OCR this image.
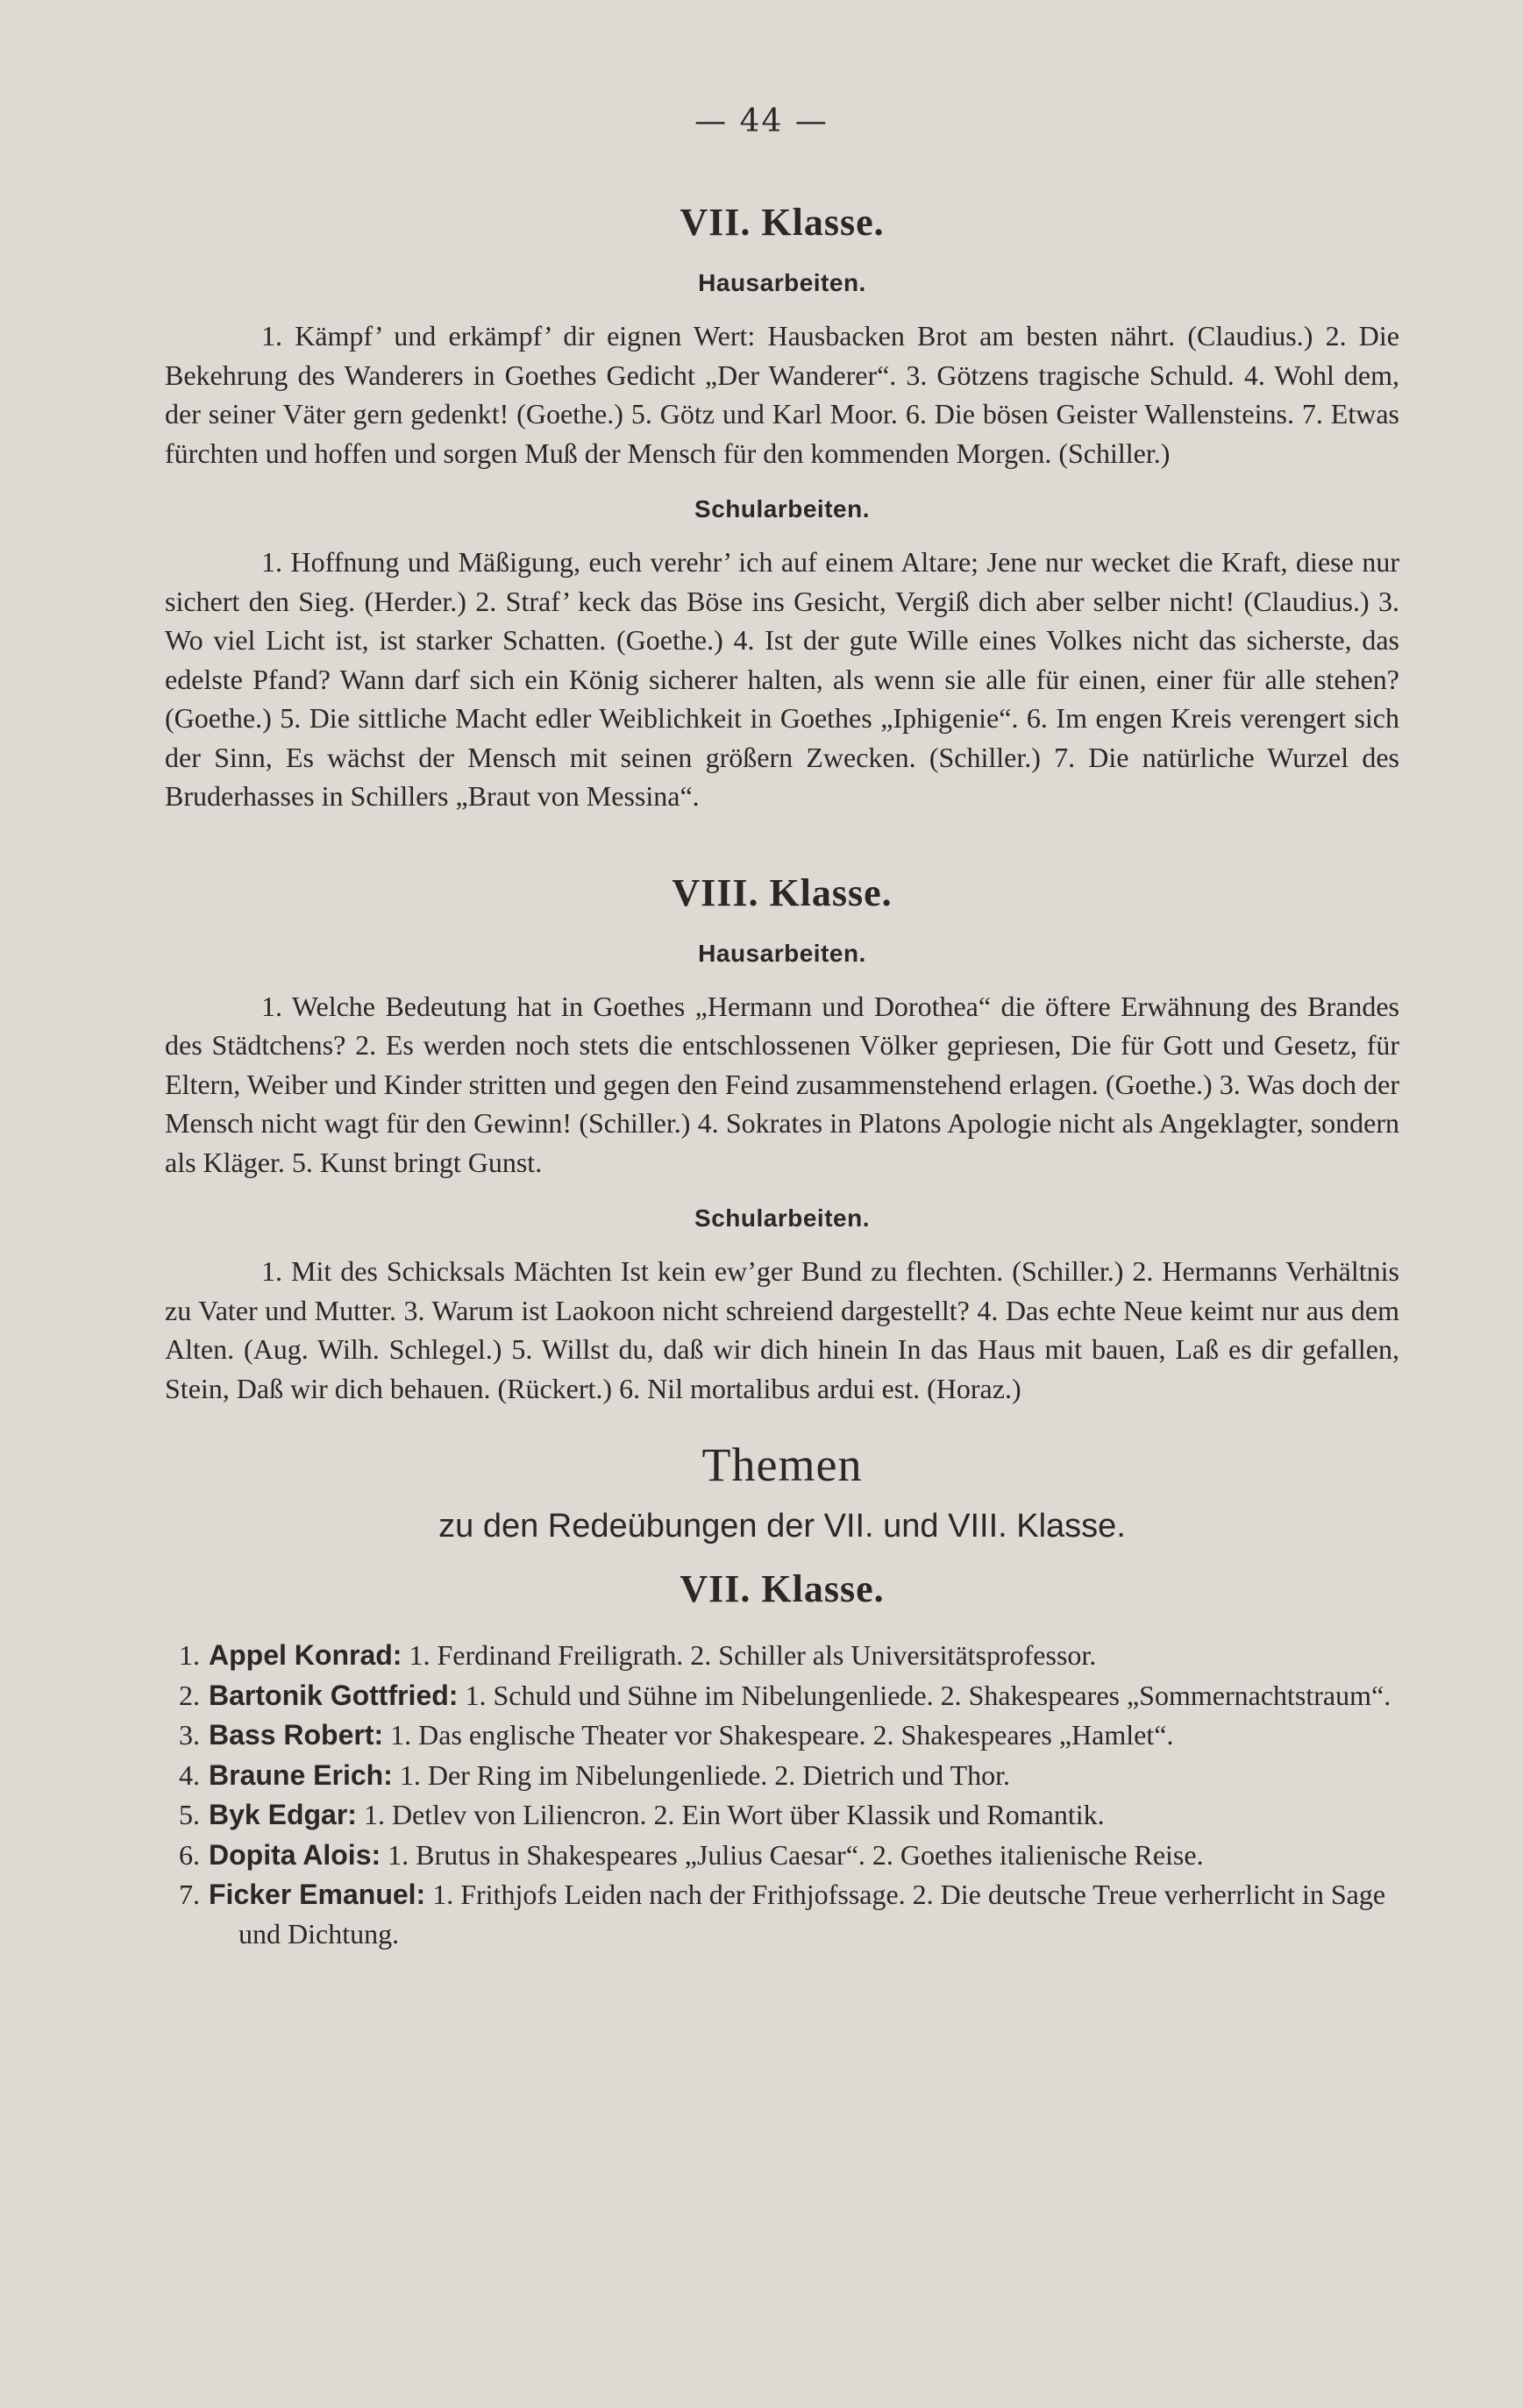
— 44 —
VII. Klasse.
Hausarbeiten.

1. Kämpf’ und erkämpf’ dir eignen Wert: Hausbacken Brot am besten nährt. (Claudius.) 2. Die Bekehrung des Wanderers in Goethes Gedicht „Der Wanderer“. 3. Götzens tragische Schuld. 4. Wohl dem, der seiner Väter gern gedenkt! (Goethe.) 5. Götz und Karl Moor. 6. Die bösen Geister Wallensteins. 7. Etwas fürchten und hoffen und sorgen Muß der Mensch für den kommenden Morgen. (Schiller.)

Schularbeiten.

1. Hoffnung und Mäßigung, euch verehr’ ich auf einem Altare; Jene nur wecket die Kraft, diese nur sichert den Sieg. (Herder.) 2. Straf’ keck das Böse ins Gesicht, Vergiß dich aber selber nicht! (Claudius.) 3. Wo viel Licht ist, ist starker Schatten. (Goethe.) 4. Ist der gute Wille eines Volkes nicht das sicherste, das edelste Pfand? Wann darf sich ein König sicherer halten, als wenn sie alle für einen, einer für alle stehen? (Goethe.) 5. Die sittliche Macht edler Weiblichkeit in Goethes „Iphigenie“. 6. Im engen Kreis verengert sich der Sinn, Es wächst der Mensch mit seinen größern Zwecken. (Schiller.) 7. Die natürliche Wurzel des Bruderhasses in Schillers „Braut von Messina“.

VIII. Klasse.
Hausarbeiten.

1. Welche Bedeutung hat in Goethes „Hermann und Dorothea“ die öftere Erwähnung des Brandes des Städtchens? 2. Es werden noch stets die entschlossenen Völker gepriesen, Die für Gott und Gesetz, für Eltern, Weiber und Kinder stritten und gegen den Feind zusammenstehend erlagen. (Goethe.) 3. Was doch der Mensch nicht wagt für den Gewinn! (Schiller.) 4. Sokrates in Platons Apologie nicht als Angeklagter, sondern als Kläger. 5. Kunst bringt Gunst.

Schularbeiten.

1. Mit des Schicksals Mächten Ist kein ew’ger Bund zu flechten. (Schiller.) 2. Hermanns Verhältnis zu Vater und Mutter. 3. Warum ist Laokoon nicht schreiend dargestellt? 4. Das echte Neue keimt nur aus dem Alten. (Aug. Wilh. Schlegel.) 5. Willst du, daß wir dich hinein In das Haus mit bauen, Laß es dir gefallen, Stein, Daß wir dich behauen. (Rückert.) 6. Nil mortalibus ardui est. (Horaz.)

Themen
zu den Redeübungen der VII. und VIII. Klasse.
VII. Klasse.
1. Appel Konrad: 1. Ferdinand Freiligrath. 2. Schiller als Universitätsprofessor.
2. Bartonik Gottfried: 1. Schuld und Sühne im Nibelungenliede. 2. Shakespeares „Sommernachtstraum“.
3. Bass Robert: 1. Das englische Theater vor Shakespeare. 2. Shakespeares „Hamlet“.
4. Braune Erich: 1. Der Ring im Nibelungenliede. 2. Dietrich und Thor.
5. Byk Edgar: 1. Detlev von Liliencron. 2. Ein Wort über Klassik und Romantik.
6. Dopita Alois: 1. Brutus in Shakespeares „Julius Caesar“. 2. Goethes italienische Reise.
7. Ficker Emanuel: 1. Frithjofs Leiden nach der Frithjofssage. 2. Die deutsche Treue verherrlicht in Sage und Dichtung.
